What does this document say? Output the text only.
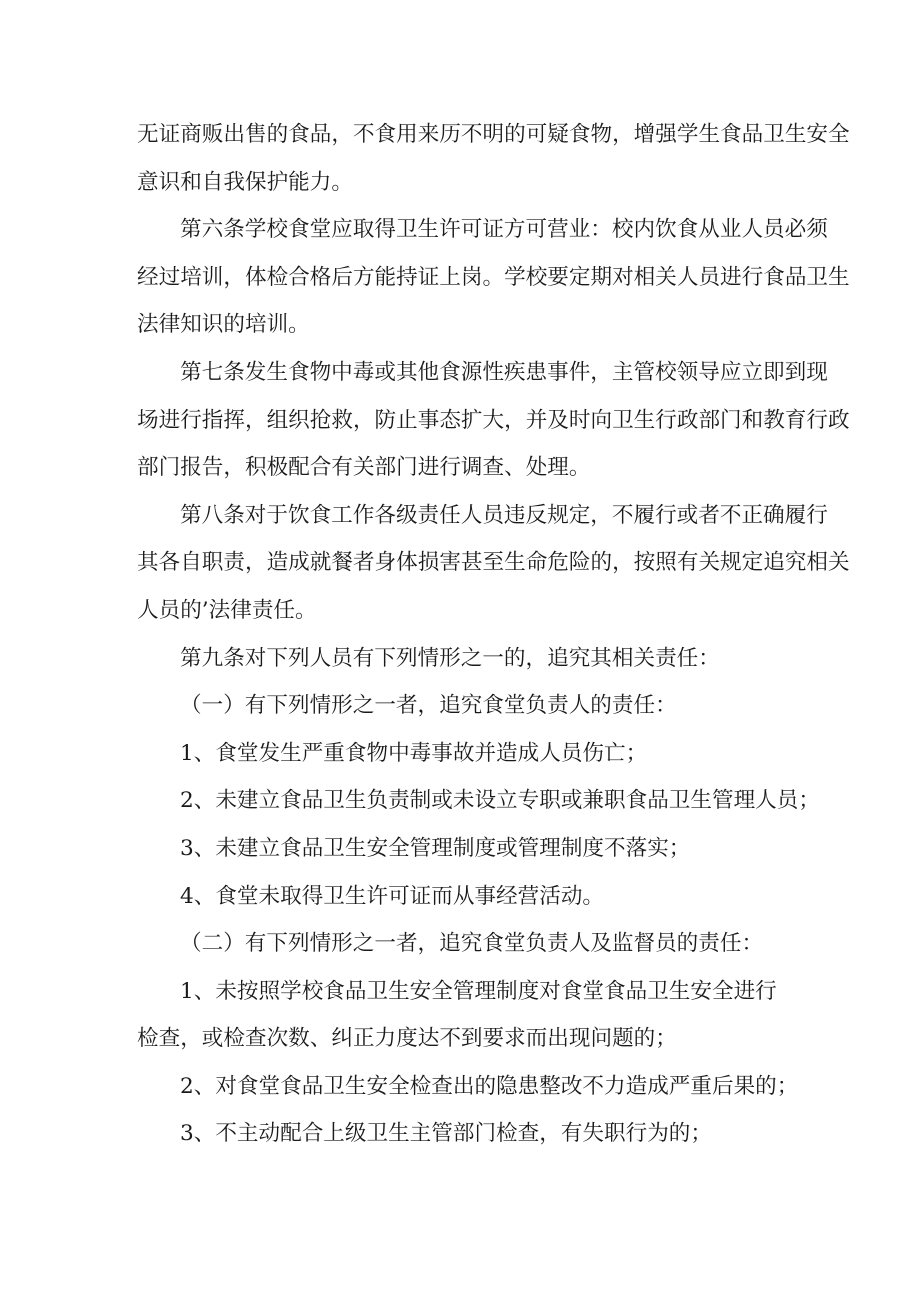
无证商贩出售的食品，不食用来历不明的可疑食物，增强学生食品卫生安全
意识和自我保护能力。
第六条学校食堂应取得卫生许可证方可营业：校内饮食从业人员必须
经过培训，体检合格后方能持证上岗。学校要定期对相关人员进行食品卫生
法律知识的培训。
第七条发生食物中毒或其他食源性疾患事件，主管校领导应立即到现
场进行指挥，组织抢救，防止事态扩大，并及时向卫生行政部门和教育行政
部门报告，积极配合有关部门进行调查、处理。
第八条对于饮食工作各级责任人员违反规定，不履行或者不正确履行
其各自职责，造成就餐者身体损害甚至生命危险的，按照有关规定追究相关
人员的’法律责任。
第九条对下列人员有下列情形之一的，追究其相关责任：
（一）有下列情形之一者，追究食堂负责人的责任：
1、食堂发生严重食物中毒事故并造成人员伤亡；
2、未建立食品卫生负责制或未设立专职或兼职食品卫生管理人员；
3、未建立食品卫生安全管理制度或管理制度不落实；
4、食堂未取得卫生许可证而从事经营活动。
（二）有下列情形之一者，追究食堂负责人及监督员的责任：
1、未按照学校食品卫生安全管理制度对食堂食品卫生安全进行
检查，或检查次数、纠正力度达不到要求而出现问题的；
2、对食堂食品卫生安全检查出的隐患整改不力造成严重后果的；
3、不主动配合上级卫生主管部门检查，有失职行为的；
